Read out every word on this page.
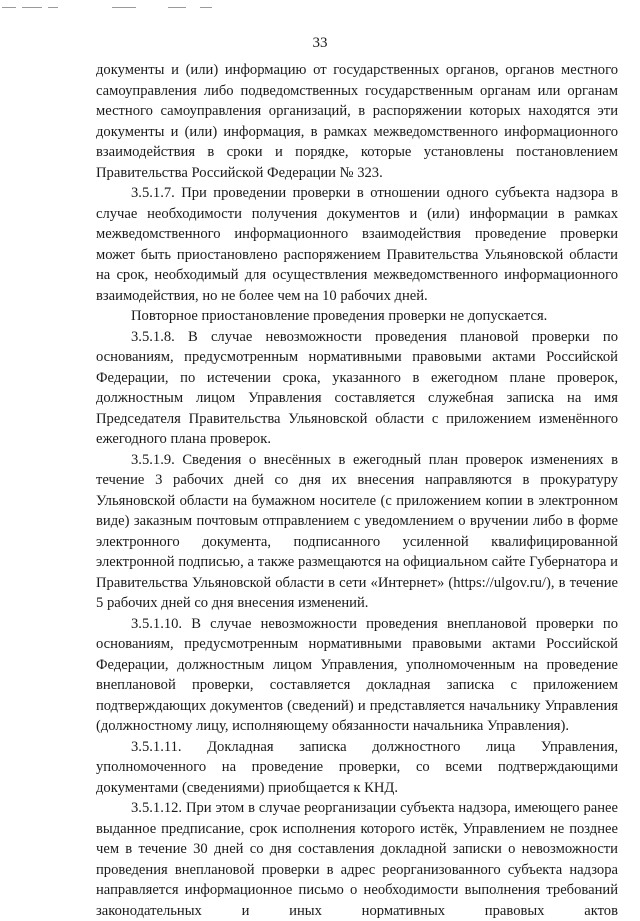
33

документы и (или) информацию от государственных органов, органов местного самоуправления либо подведомственных государственным органам или органам местного самоуправления организаций, в распоряжении которых находятся эти документы и (или) информация, в рамках межведомственного информационного взаимодействия в сроки и порядке, которые установлены постановлением Правительства Российской Федерации № 323.

3.5.1.7. При проведении проверки в отношении одного субъекта надзора в случае необходимости получения документов и (или) информации в рамках межведомственного информационного взаимодействия проведение проверки может быть приостановлено распоряжением Правительства Ульяновской области на срок, необходимый для осуществления межведомственного информационного взаимодействия, но не более чем на 10 рабочих дней.

Повторное приостановление проведения проверки не допускается.

3.5.1.8. В случае невозможности проведения плановой проверки по основаниям, предусмотренным нормативными правовыми актами Российской Федерации, по истечении срока, указанного в ежегодном плане проверок, должностным лицом Управления составляется служебная записка на имя Председателя Правительства Ульяновской области с приложением изменённого ежегодного плана проверок.

3.5.1.9. Сведения о внесённых в ежегодный план проверок изменениях в течение 3 рабочих дней со дня их внесения направляются в прокуратуру Ульяновской области на бумажном носителе (с приложением копии в электронном виде) заказным почтовым отправлением с уведомлением о вручении либо в форме электронного документа, подписанного усиленной квалифицированной электронной подписью, а также размещаются на официальном сайте Губернатора и Правительства Ульяновской области в сети «Интернет» (https://ulgov.ru/), в течение 5 рабочих дней со дня внесения изменений.

3.5.1.10. В случае невозможности проведения внеплановой проверки по основаниям, предусмотренным нормативными правовыми актами Российской Федерации, должностным лицом Управления, уполномоченным на проведение внеплановой проверки, составляется докладная записка с приложением подтверждающих документов (сведений) и представляется начальнику Управления (должностному лицу, исполняющему обязанности начальника Управления).

3.5.1.11. Докладная записка должностного лица Управления, уполномоченного на проведение проверки, со всеми подтверждающими документами (сведениями) приобщается к КНД.

3.5.1.12. При этом в случае реорганизации субъекта надзора, имеющего ранее выданное предписание, срок исполнения которого истёк, Управлением не позднее чем в течение 30 дней со дня составления докладной записки о невозможности проведения внеплановой проверки в адрес реорганизованного субъекта надзора направляется информационное письмо о необходимости выполнения требований законодательных и иных нормативных правовых актов
